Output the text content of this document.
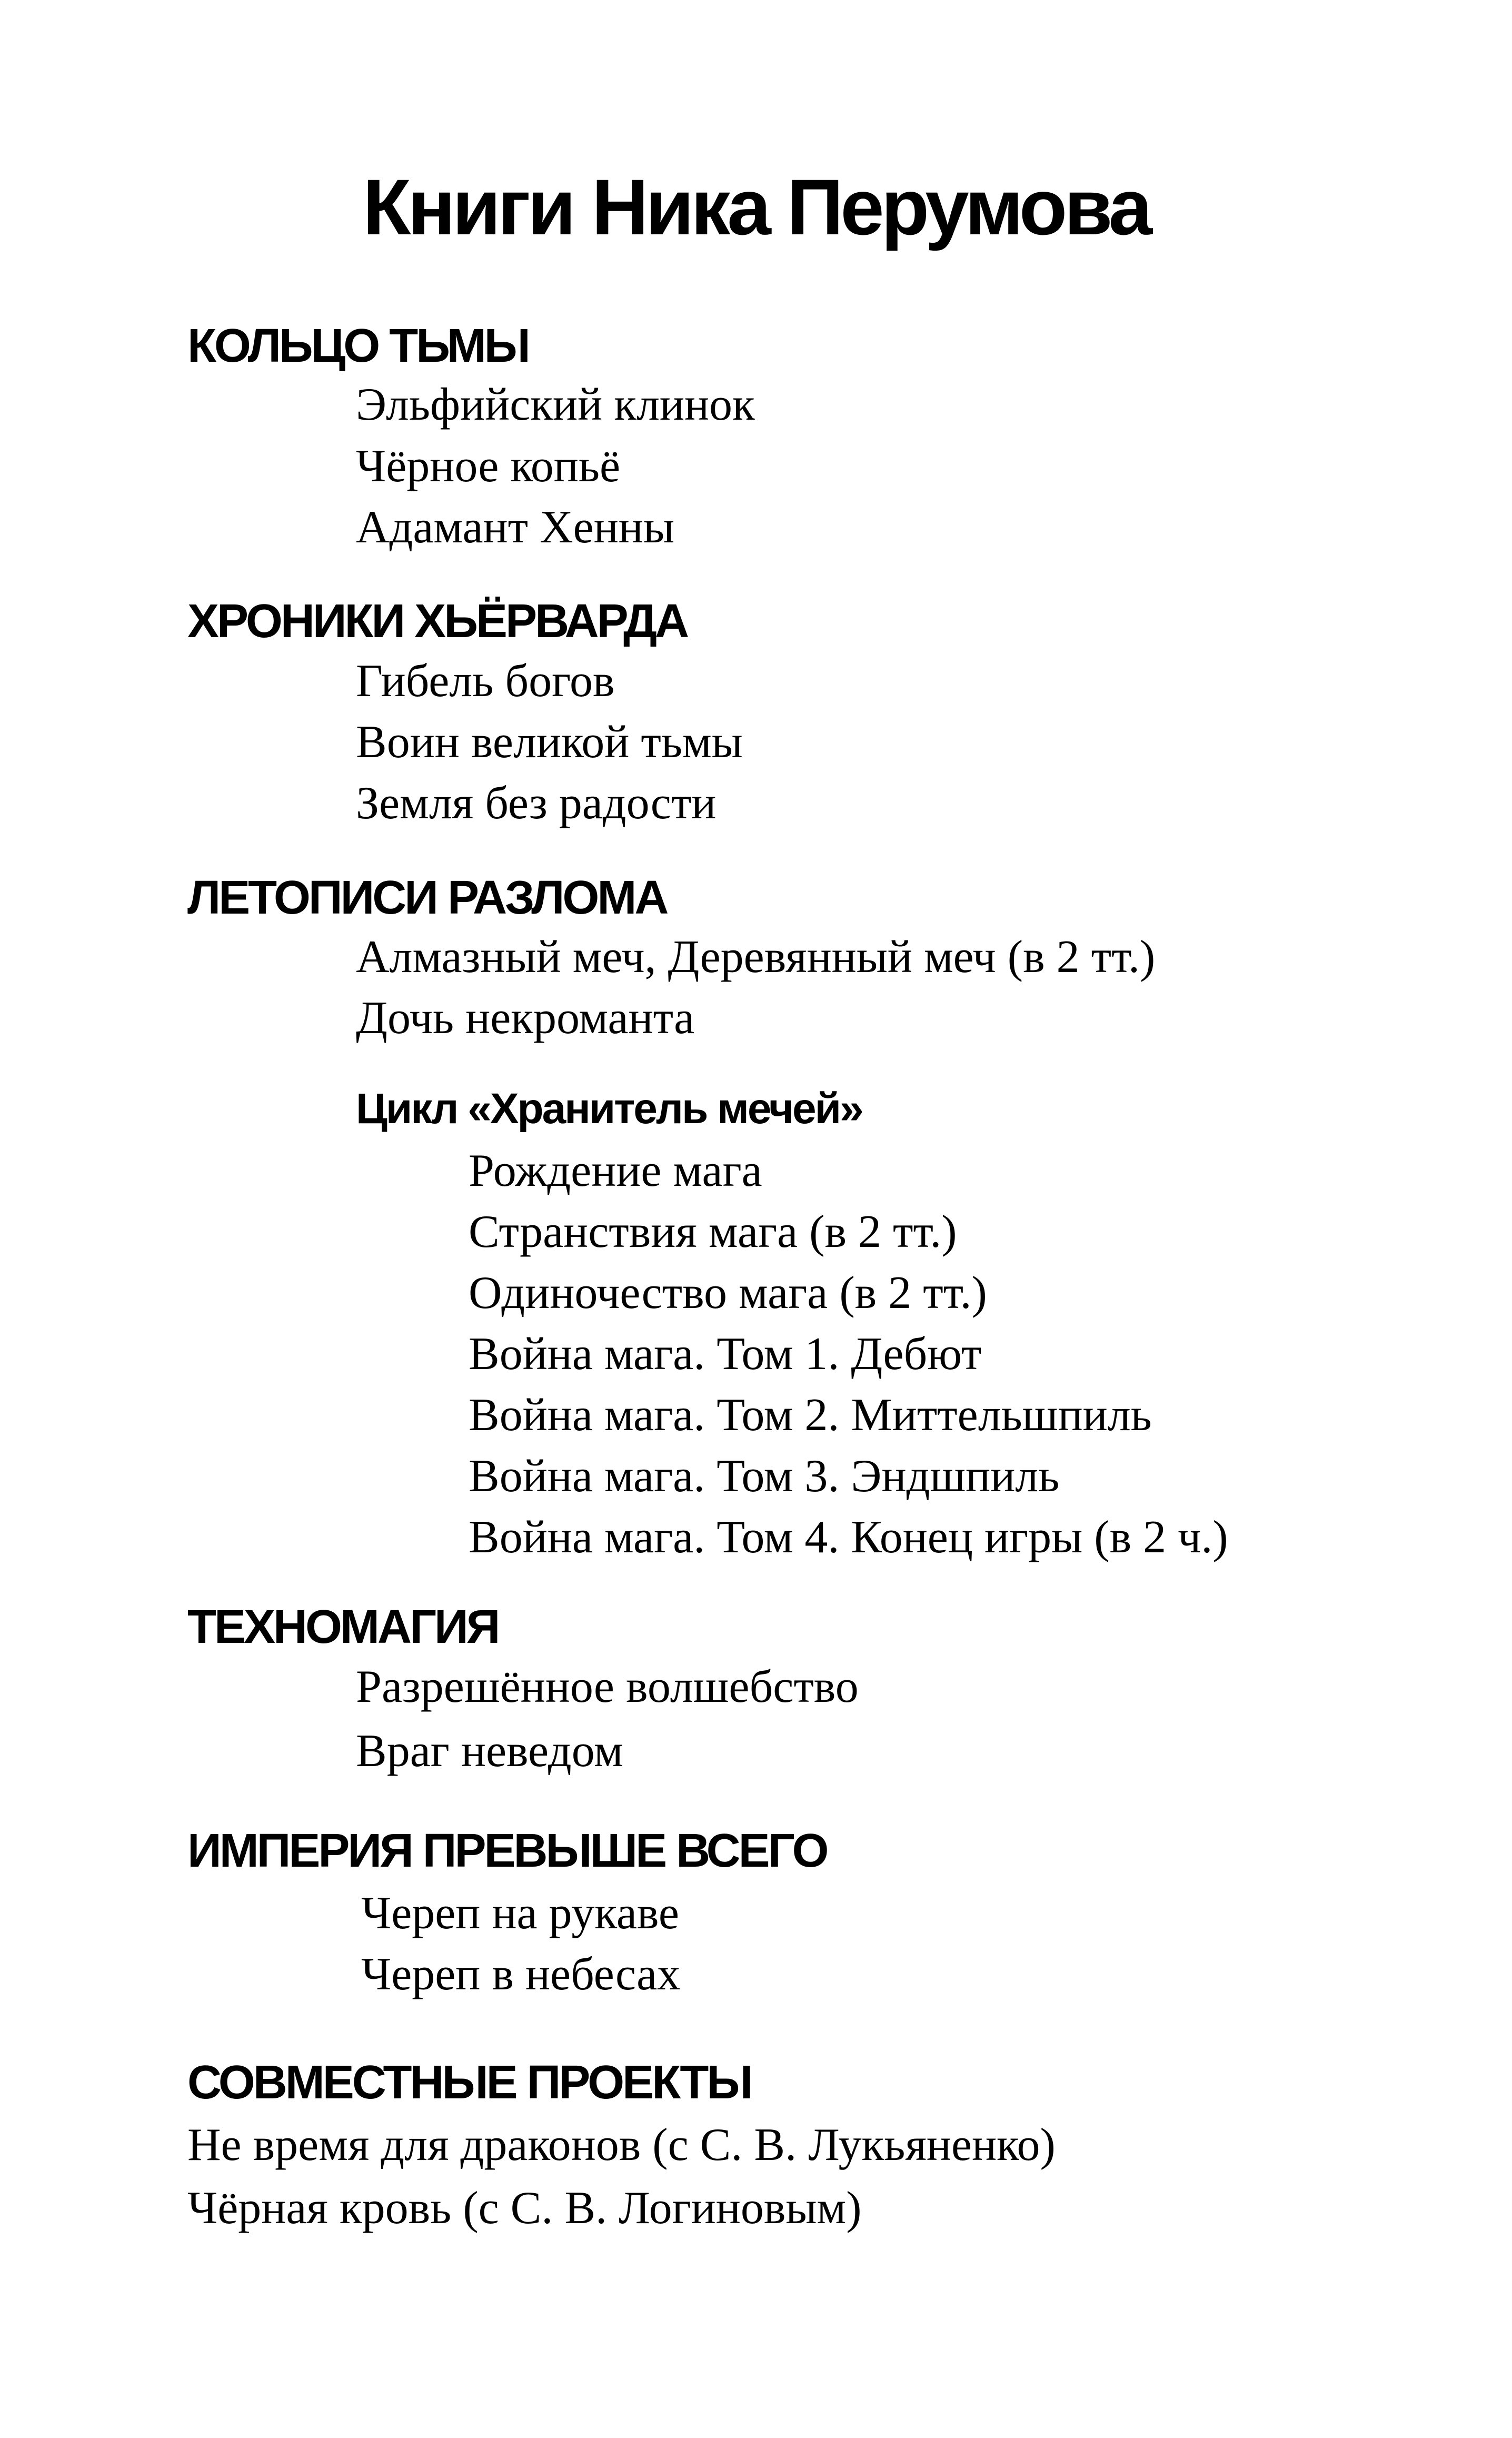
Книги Ника Перумова
КОЛЬЦО ТЬМЫ
Эльфийский клинок
Чёрное копьё
Адамант Хенны
ХРОНИКИ ХЬЁРВАРДА
Гибель богов
Воин великой тьмы
Земля без радости
ЛЕТОПИСИ РАЗЛОМА
Алмазный меч, Деревянный меч (в 2 тт.)
Дочь некроманта
Цикл «Хранитель мечей»
Рождение мага
Странствия мага (в 2 тт.)
Одиночество мага (в 2 тт.)
Война мага. Том 1. Дебют
Война мага. Том 2. Миттельшпиль
Война мага. Том 3. Эндшпиль
Война мага. Том 4. Конец игры (в 2 ч.)
ТЕХНОМАГИЯ
Разрешённое волшебство
Враг неведом
ИМПЕРИЯ ПРЕВЫШЕ ВСЕГО
Череп на рукаве
Череп в небесах
СОВМЕСТНЫЕ ПРОЕКТЫ
Не время для драконов (с С. В. Лукьяненко)
Чёрная кровь (с С. В. Логиновым)
